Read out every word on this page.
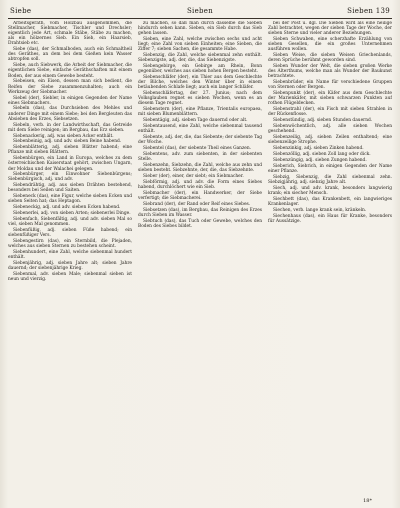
Siebe	Sieben	Sieben 139

Arbeitsgeräth, vom Holzbau ausgenommen, die Stellmacher, Siebmacher, Tischler und Drechsler; eigentlich jede Art, schmale Stäbe, Stäbe zu machen, als ein hölzernes Sieb. Ein Sieb, ein Haarsieb, Drahtsieb etc.

Siebe (das), der Schmalboden, auch ein Schmaltheil des Geräthes, an dem bei dem Gießen kein Wasser abtropfen soll.

Siebe, auch Siebwerk, die Arbeit der Siebmacher, die eigentlichen Siebe, einfache Geräthschaften mit einem Boden, der aus einem Gewebe besteht.

Siebeisen, ein Eisen, dessen man sich bedient, die Reifen der Siebe zusammenzuhalten; auch ein Werkzeug der Siebmacher.

Siebel (der), Siebler, in einigen Gegenden der Name eines Siebmachers.

Siebeln (das), das Durchsieben des Mehles und anderer Dinge mit einem Siebe; bei den Bergleuten das Absieben des Erzes, Siebsetzen.

Siebeln, verb. in der Landwirthschaft, das Getreide mit dem Siebe reinigen; im Bergbau, das Erz sieben.

Siebenackerig, adj. was sieben Acker enthält.

Siebenbeinig, adj. und adv. sieben Beine habend.

Siebenblätterig, adj. sieben Blätter habend; eine Pflanze mit sieben Blättern.

Siebenbürgen, ein Land in Europa, welches zu dem österreichischen Kaiserstaat gehört, zwischen Ungarn, der Moldau und der Walachei gelegen.

Siebenbürger, ein Einwohner Siebenbürgens; Siebenbürgisch, adj. und adv.

Siebendrähtig, adj. aus sieben Drähten bestehend, besonders bei Seilen und Saiten.

Siebeneck (das), eine Figur, welche sieben Ecken und sieben Seiten hat; das Heptagon.

Siebeneckig, adj. und adv. sieben Ecken habend.

Siebenerlei, adj. von sieben Arten; siebenerlei Dinge.

Siebenfach, Siebenfältig, adj. und adv. sieben Mal so viel, sieben Mal genommen.

Siebenfüßig, adj. sieben Füße habend; ein siebenfüßiger Vers.

Siebengestirn (das), ein Sternbild, die Plejaden, welches aus sieben Sternen zu bestehen scheint.

Siebenhundert, eine Zahl, welche siebenmal hundert enthält.

Siebenjährig, adj. sieben Jahre alt; sieben Jahre dauernd; der siebenjährige Krieg.

Siebenmal, adv. sieben Male; siebenmal sieben ist neun und vierzig.

zu machen, so daß man durch dasselbe die Sieben hindurch sehen kann. Sieben, ein Sieb durch das Sieb gehen lassen.

Sieben, eine Zahl, welche zwischen sechs und acht liegt; eine Zahl von sieben Einheiten; eine Sieben, die Ziffer 7; sieben Sachen, die gesammte Habe.

Siebenzig, die Zahl, welche siebenmal zehn enthält. Siebenzigste, adj. der, die, das Siebenzigste.

Siebengebirge, ein Gebirge am Rhein, Bonn gegenüber, welches aus sieben hohen Bergen besteht.

Siebenschläfer (der), ein Thier aus dem Geschlechte der Bilche, welches den Winter über in einem betäubenden Schlafe liegt; auch ein langer Schläfer.

Siebenschläfertag, der 27. Junius; nach dem Volksglauben regnet es sieben Wochen, wenn es an diesem Tage regnet.

Siebenstern (der), eine Pflanze, Trientalis europaea, mit sieben Blumenblättern.

Siebentägig, adj. sieben Tage dauernd oder alt.

Siebentausend, eine Zahl, welche siebenmal tausend enthält.

Siebente, adj. der, die, das Siebente; der siebente Tag der Woche.

Siebentel (das), der siebente Theil eines Ganzen.

Siebentens, adv. zum siebenten, in der siebenten Stelle.

Siebenzehn, Siebzehn, die Zahl, welche aus zehn und sieben besteht. Siebzehnte, der, die, das Siebzehnte.

Sieber (der), einer, der siebt; ein Siebmacher.

Siebförmig, adj. und adv. die Form eines Siebes habend, durchlöchert wie ein Sieb.

Siebmacher (der), ein Handwerker, der Siebe verfertigt; die Siebmacherei.

Siebrand (der), der Rand oder Reif eines Siebes.

Siebsetzen (das), im Bergbau, das Reinigen des Erzes durch Sieben im Wasser.

Siebtuch (das), das Tuch oder Gewebe, welches den Boden des Siebes bildet.

bei der Post u. dgl. Die Sieben wird als eine heilige Zahl betrachtet, wegen der sieben Tage der Woche, der sieben Sterne und vieler anderer Beziehungen.

Sieben Schwaben, eine scherzhafte Erzählung von sieben Gesellen, die ein großes Unternehmen ausführen wollen.

Sieben Weise, die sieben Weisen Griechenlands, deren Sprüche berühmt geworden sind.

Sieben Wunder der Welt, die sieben großen Werke des Alterthums, welche man als Wunder der Baukunst betrachtete.

Siebenbrüder, ein Name für verschiedene Gruppen von Sternen oder Bergen.

Siebenpunkt (der), ein Käfer aus dem Geschlechte der Marienkäfer, mit sieben schwarzen Punkten auf rothen Flügeldecken.

Siebenstrahl (der), ein Fisch mit sieben Strahlen in der Rückenflosse.

Siebenstündig, adj. sieben Stunden dauernd.

Siebenwöchentlich, adj. alle sieben Wochen geschehend.

Siebenzeilig, adj. sieben Zeilen enthaltend; eine siebenzeilige Strophe.

Siebenzinkig, adj. sieben Zinken habend.

Siebenzöllig, adj. sieben Zoll lang oder dick.

Siebenzüngig, adj. sieben Zungen habend.

Sieberich, Siebrich, in einigen Gegenden der Name einer Pflanze.

Siebzig, Siebenzig, die Zahl siebenmal zehn. Siebzigjährig, adj. siebzig Jahre alt.

Siech, adj. und adv. krank, besonders langwierig krank; ein siecher Mensch.

Siechbett (das), das Krankenbett, ein langwieriges Krankenlager.

Siechen, verb. lange krank sein, kränkeln.

Siechenhaus (das), ein Haus für Kranke, besonders für Aussätzige.

18*
